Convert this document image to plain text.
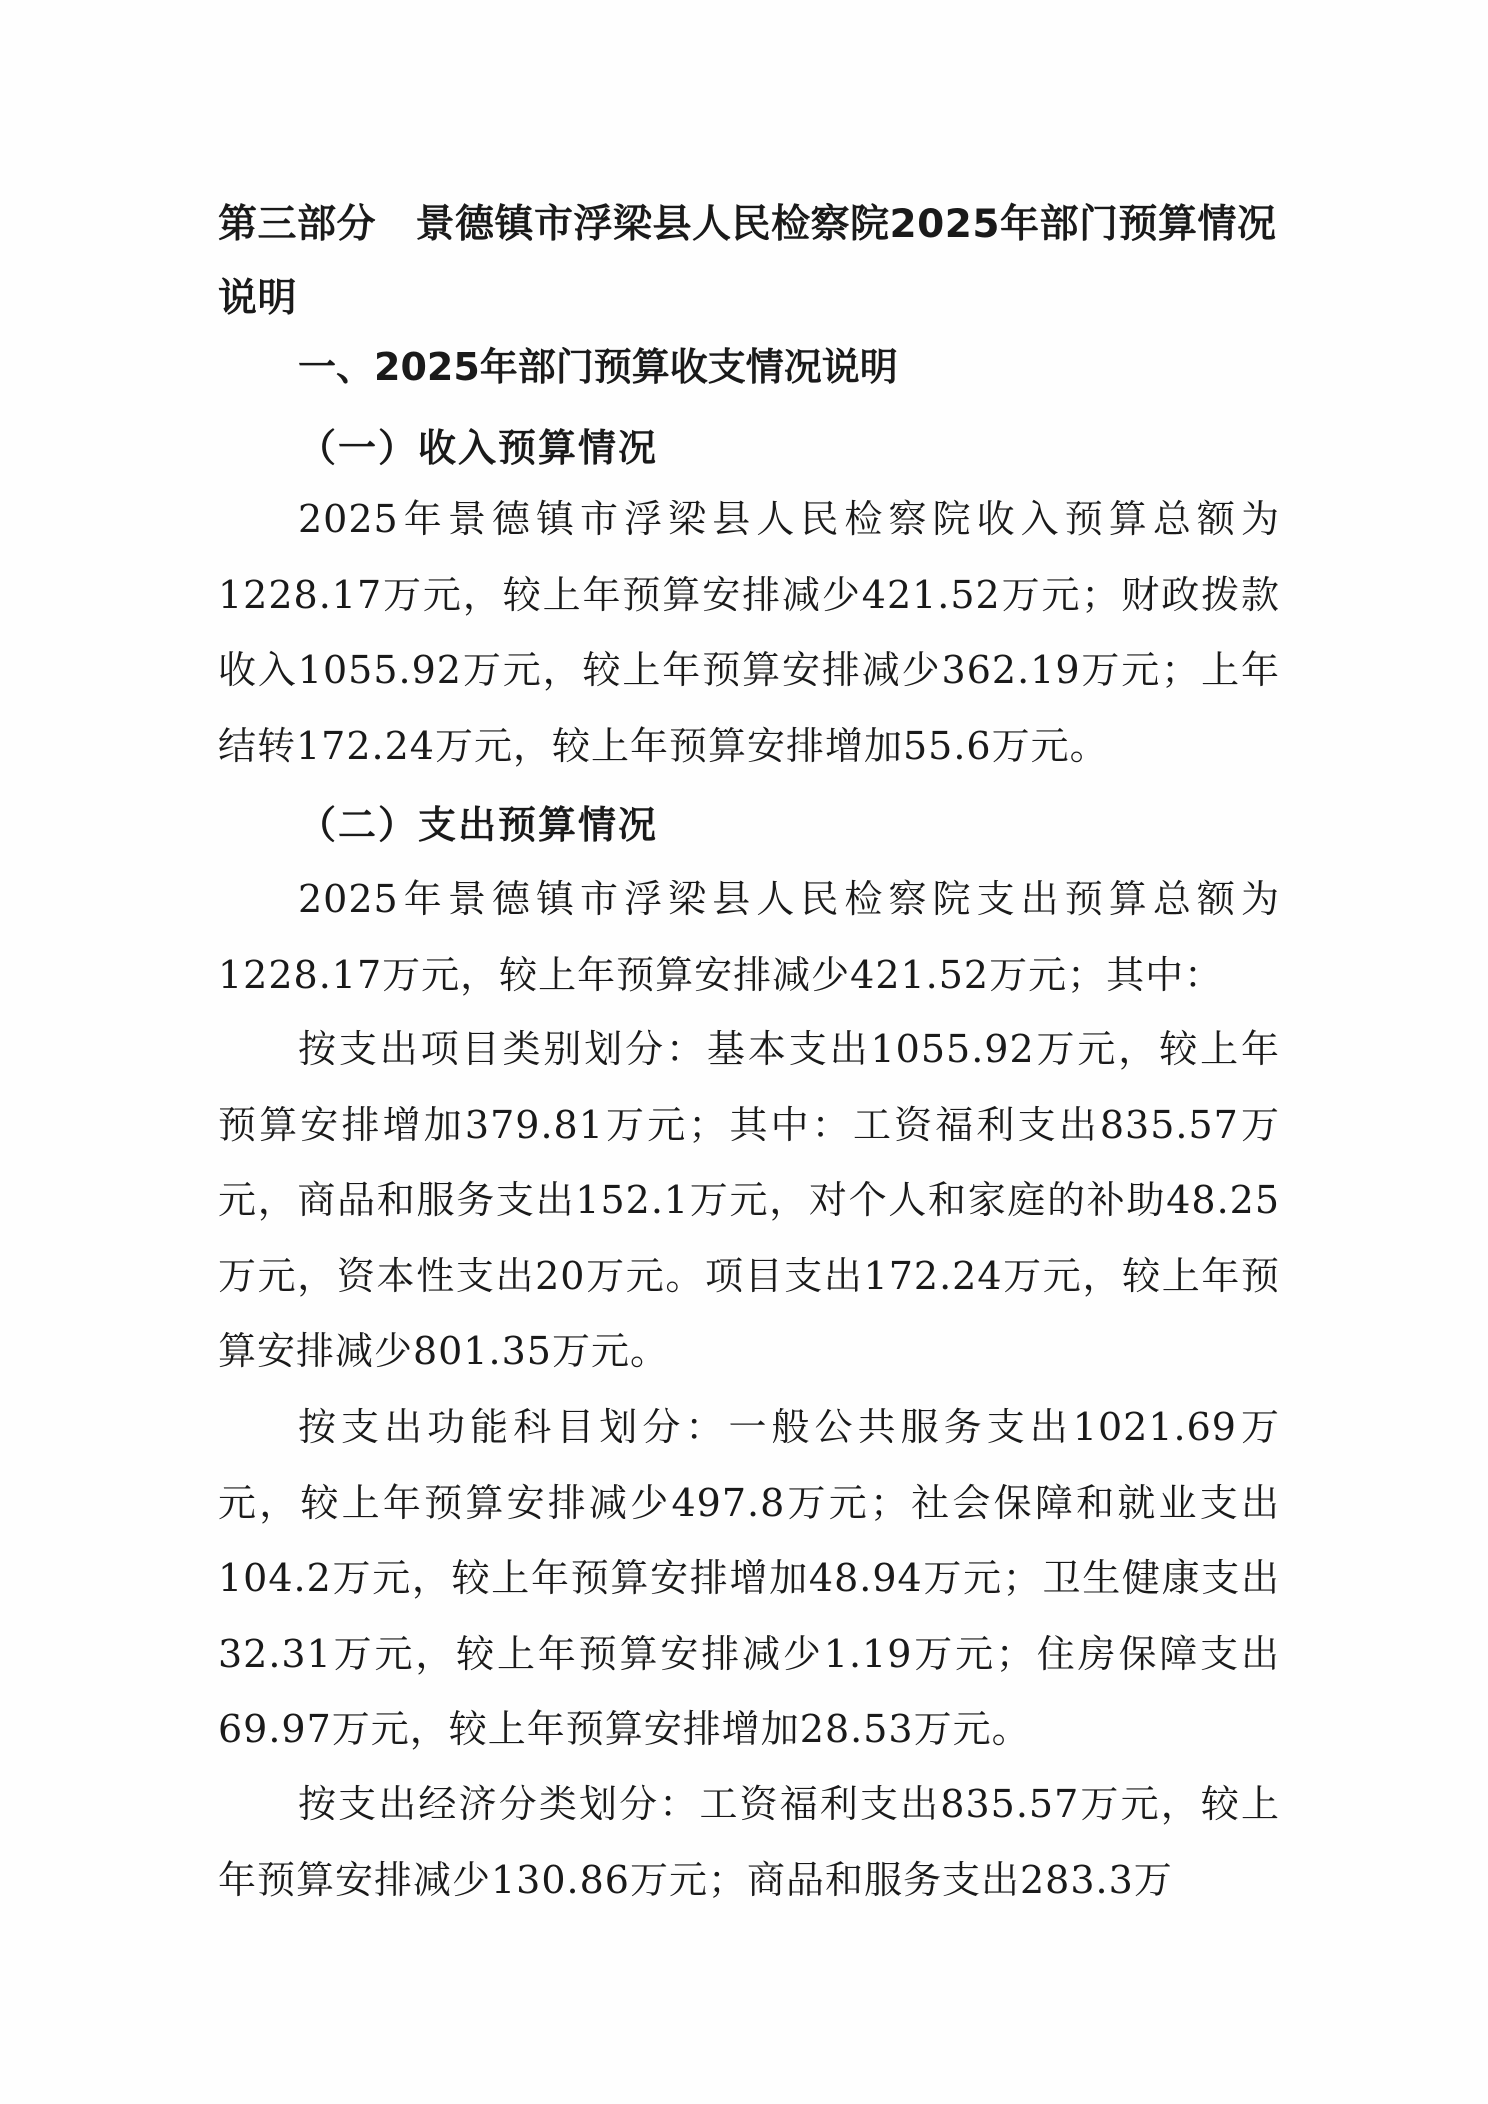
第三部分　景德镇市浮梁县人民检察院2025年部门预算情况说明
一、2025年部门预算收支情况说明
（一）收入预算情况

2025年景德镇市浮梁县人民检察院收入预算总额为1228.17万元，较上年预算安排减少421.52万元；财政拨款收入1055.92万元，较上年预算安排减少362.19万元；上年结转172.24万元，较上年预算安排增加55.6万元。

（二）支出预算情况

2025年景德镇市浮梁县人民检察院支出预算总额为1228.17万元，较上年预算安排减少421.52万元；其中：

按支出项目类别划分：基本支出1055.92万元，较上年预算安排增加379.81万元；其中：工资福利支出835.57万元，商品和服务支出152.1万元，对个人和家庭的补助48.25万元，资本性支出20万元。项目支出172.24万元，较上年预算安排减少801.35万元。

按支出功能科目划分：一般公共服务支出1021.69万元，较上年预算安排减少497.8万元；社会保障和就业支出104.2万元，较上年预算安排增加48.94万元；卫生健康支出32.31万元，较上年预算安排减少1.19万元；住房保障支出69.97万元，较上年预算安排增加28.53万元。

按支出经济分类划分：工资福利支出835.57万元，较上年预算安排减少130.86万元；商品和服务支出283.3万
